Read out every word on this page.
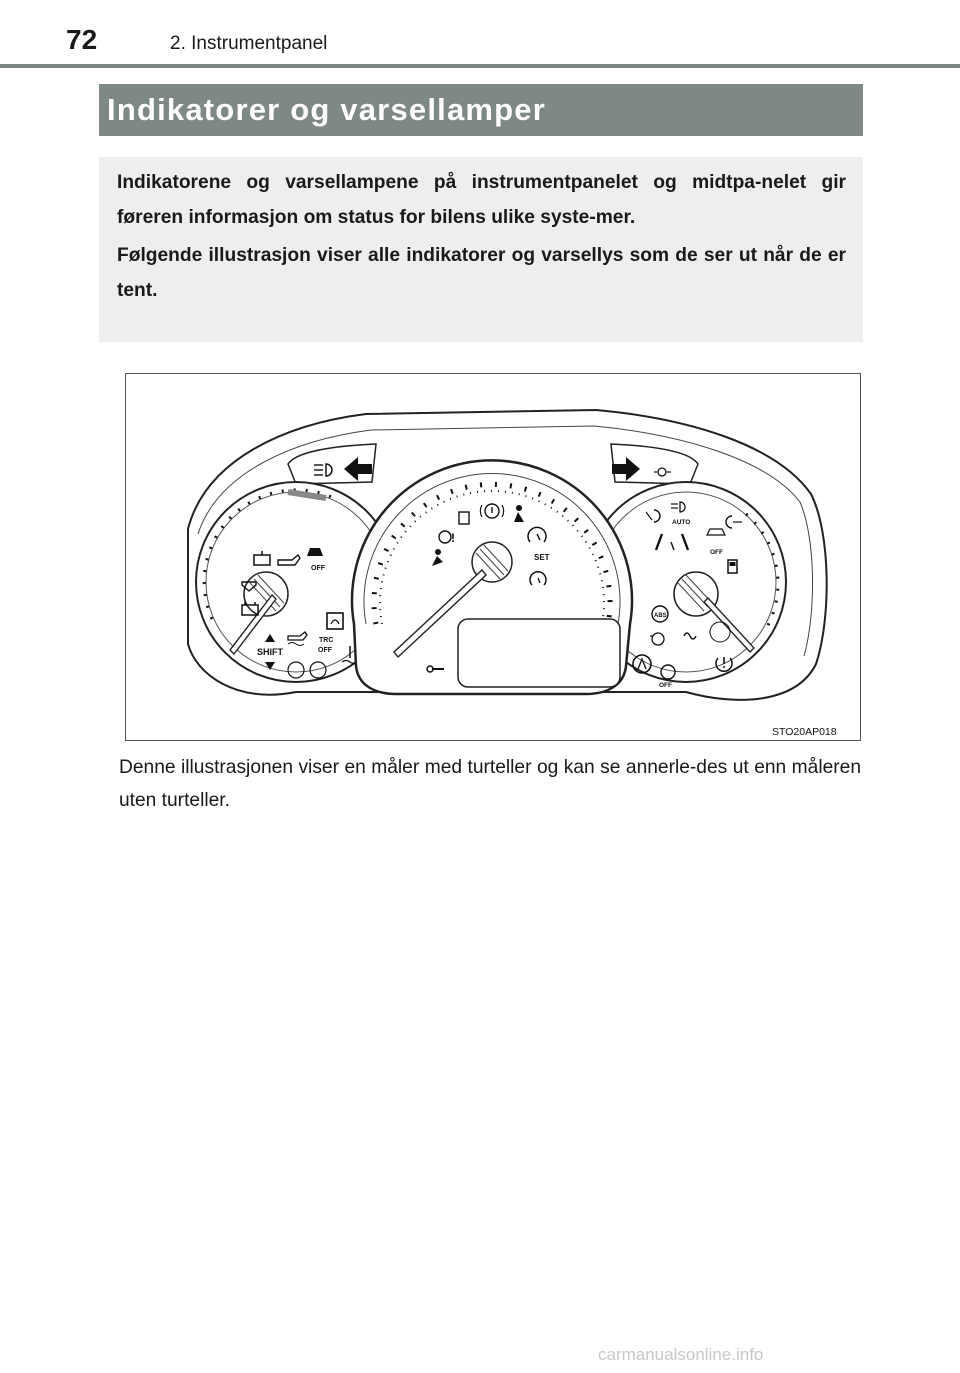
72	2. Instrumentpanel
Indikatorer og varsellamper

Indikatorene og varsellampene på instrumentpanelet og midtpa-nelet gir føreren informasjon om status for bilens ulike syste-mer.

Følgende illustrasjon viser alle indikatorer og varsellys som de ser ut når de er tent.

OFF
SHIFT
TRC
OFF
AUTO
OFF
ABS
OFF
!
SET
STO20AP018
Denne illustrasjonen viser en måler med turteller og kan se annerle-des ut enn måleren uten turteller.
carmanualsonline.info
